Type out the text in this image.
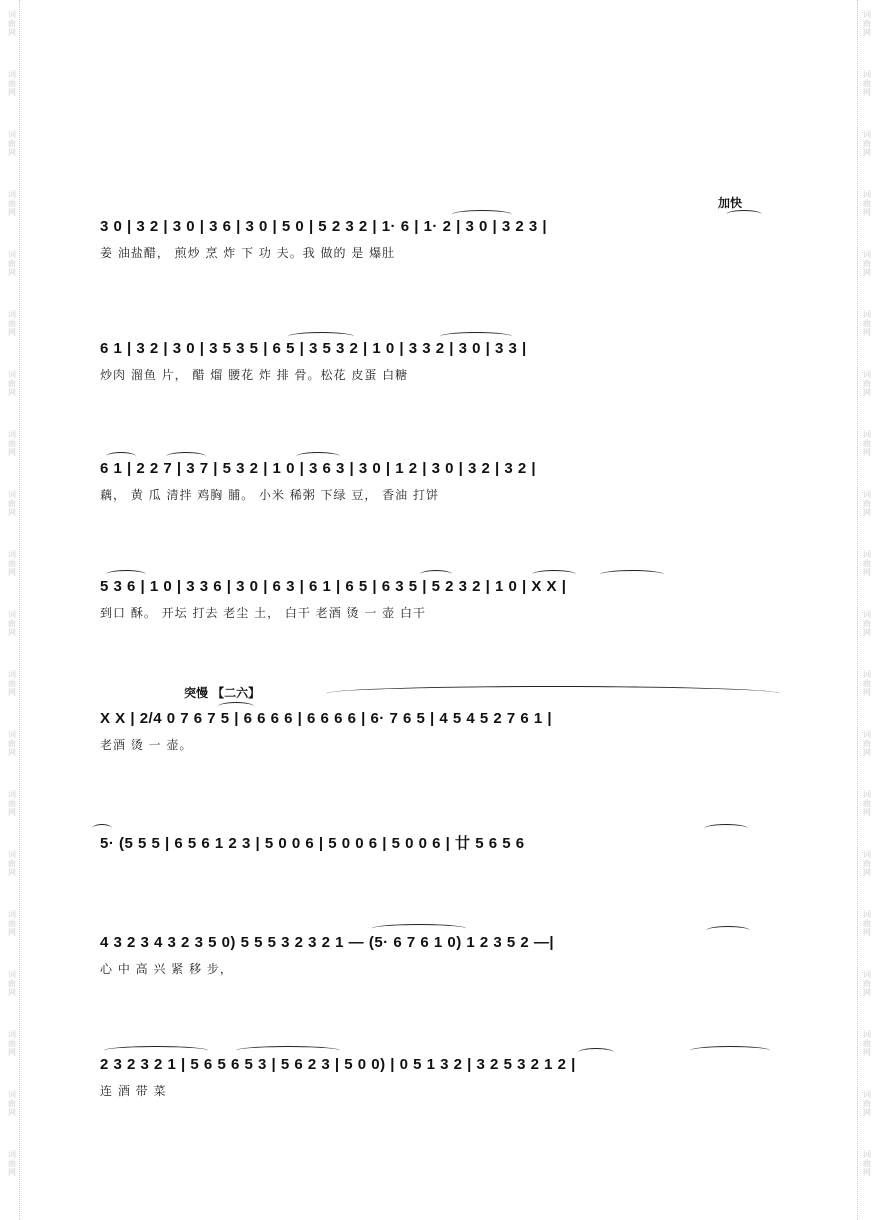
词
曲
网
词
曲
网
词
曲
网
词
曲
网
词
曲
网
词
曲
网
词
曲
网
词
曲
网
词
曲
网
词
曲
网
词
曲
网
词
曲
网
词
曲
网
词
曲
网
词
曲
网
词
曲
网
词
曲
网
词
曲
网
词
曲
网
词
曲
网
词
曲
网
词
曲
网
词
曲
网
词
曲
网
词
曲
网
词
曲
网
词
曲
网
词
曲
网
词
曲
网
词
曲
网
词
曲
网
词
曲
网
词
曲
网
词
曲
网
词
曲
网
词
曲
网
词
曲
网
词
曲
网
词
曲
网
词
曲
网
加快
3 0 | 3 2 | 3 0 | 3 6 | 3 0 | 5 0 | 5 2 3 2 | 1· 6 | 1· 2 | 3 0 | 3 2 3 |
姜 油盐醋， 煎炒 烹 炸 下 功 夫。我 做的 是 爆肚
6 1 | 3 2 | 3 0 | 3 5 3 5 | 6 5 | 3 5 3 2 | 1 0 | 3 3 2 | 3 0 | 3 3 |
炒肉 溜鱼 片， 醋 熘 腰花 炸 排 骨。松花 皮蛋 白糖
6 1 | 2 2 7 | 3 7 | 5 3 2 | 1 0 | 3 6 3 | 3 0 | 1 2 | 3 0 | 3 2 | 3 2 |
藕， 黄 瓜 清拌 鸡胸 脯。 小米 稀粥 下绿 豆， 香油 打饼
5 3 6 | 1 0 | 3 3 6 | 3 0 | 6 3 | 6 1 | 6 5 | 6 3 5 | 5 2 3 2 | 1 0 | X X |
到口 酥。 开坛 打去 老尘 土， 白干 老酒 烫 一 壶 白干
突慢 【二六】
X X | 2/4 0 7 6 7 5 | 6 6 6 6 | 6 6 6 6 | 6· 7 6 5 | 4 5 4 5 2 7 6 1 |
老酒 烫 一 壶。
5· (5 5 5 | 6 5 6 1 2 3 | 5 0 0 6 | 5 0 0 6 | 5 0 0 6 | 廿 5 6 5 6
4 3 2 3 4 3 2 3 5 0) 5 5 5 3 2 3 2 1 — (5· 6 7 6 1 0) 1 2 3 5 2 —|
心 中 高 兴 紧 移 步，
2 3 2 3 2 1 | 5 6 5 6 5 3 | 5 6 2 3 | 5 0 0) | 0 5 1 3 2 | 3 2 5 3 2 1 2 |
连 酒 带 菜
